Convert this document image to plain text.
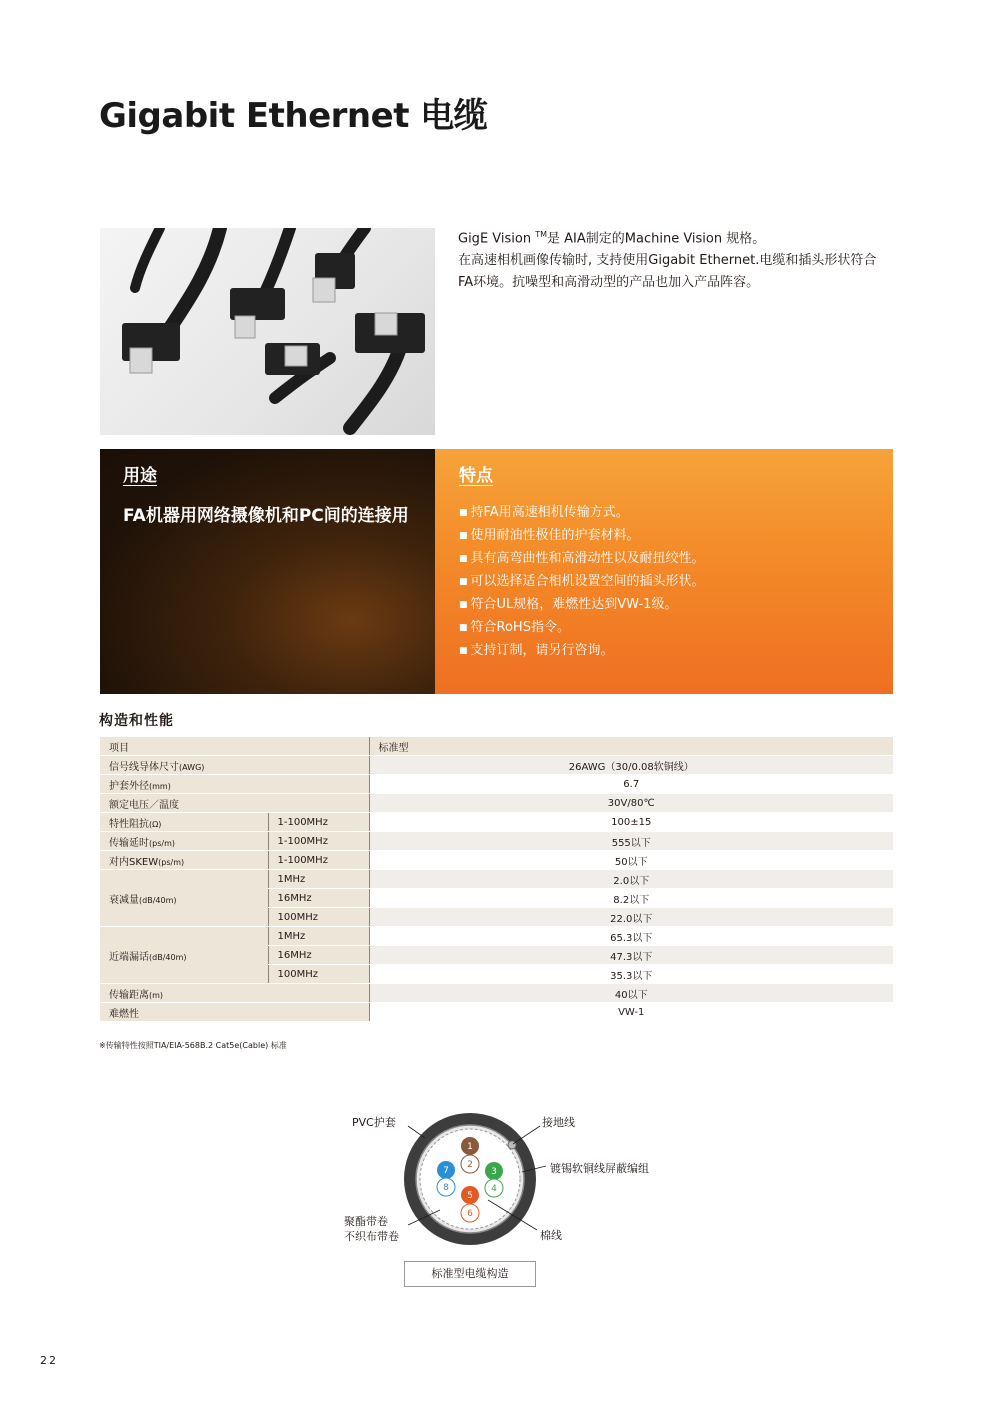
Gigabit Ethernet 电缆

GigE Vision ™是 AIA制定的Machine Vision 规格。

在高速相机画像传输时, 支持使用Gigabit Ethernet.电缆和插头形状符合FA环境。抗噪型和高滑动型的产品也加入产品阵容。

用途
FA机器用网络摄像机和PC间的连接用
特点
■ 持FA用高速相机传输方式。
■ 使用耐油性极佳的护套材料。
■ 具有高弯曲性和高滑动性以及耐扭绞性。
■ 可以选择适合相机设置空间的插头形状。
■ 符合UL规格，难燃性达到VW-1级。
■ 符合RoHS指令。
■ 支持订制，请另行咨询。
构造和性能
项目		标准型
信号线导体尺寸(AWG)		26AWG（30/0.08软铜线）
护套外径(mm)		6.7
额定电压／温度		30V/80℃
特性阻抗(Ω)	1-100MHz	100±15
传输延时(ps/m)	1-100MHz	555以下
对内SKEW(ps/m)	1-100MHz	50以下
衰减量(dB/40m)	1MHz	2.0以下
	16MHz	8.2以下
	100MHz	22.0以下
近端漏话(dB/40m)	1MHz	65.3以下
	16MHz	47.3以下
	100MHz	35.3以下
传输距离(m)		40以下
难燃性		VW-1
※传输特性按照TIA/EIA-568B.2 Cat5e(Cable) 标准
1
2
3
4
5
6
7
8
PVC护套	接地线
镀锡软铜线屏蔽编组
聚酯带卷
不织布带卷	棉线
标准型电缆构造
22
